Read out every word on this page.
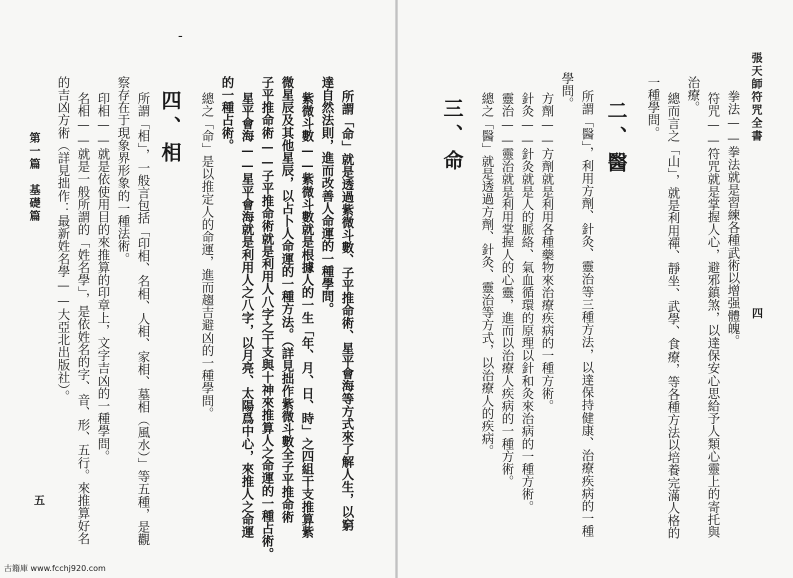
張天師符咒全書
四
拳法——拳法就是習練各種武術以增强體魄。
符咒——符咒就是掌握人心，避邪鎮煞，以達保安心思給予人類心靈上的寄托與
治療。
總而言之「山」，就是利用禪、靜坐、武學、食療，等各種方法以培養完滿人格的
一種學問。
二、醫
所謂「醫」，利用方劑、針灸、靈治等三種方法，以達保持健康、治療疾病的一種
學問。
方劑——方劑就是利用各種藥物來治療疾病的一種方術。
針灸——針灸就是人的脈絡、氣血循環的原理以針和灸來治病的一種方術。
靈治——靈治就是利用掌握人的心靈，進而以治療人疾病的一種方術。
總之「醫」就是透過方劑、針灸、靈治等方式，以治療人的疾病。
三、命
‐
所謂「命」就是透過紫微斗數、子平推命術、星平會海等方式來了解人生，以窮
達自然法則，進而改善人命運的一種學問。
紫微斗數——紫微斗數就是根據人的一生「年、月、日、時」之四組干支推算紫
微星辰及其他星辰，以占卜人命運的一種方法。（詳見拙作紫微斗數全子平推命術
子平推命術——子平推命術就是利用人八字之干支與十神來推算人之命運的一種占術。
星平會海——星平會海就是利用人之八字，以月亮、太陽爲中心，來推人之命運
的一種占術。
總之「命」是以推定人的命運，進而趨吉避凶的一種學問。
四、相
所謂「相」，一般言包括「印相、名相、人相、家相、墓相（風水）」等五種，是觀
察存在于現象界形象的一種法術。
印相——就是依使用目的來推算的印章上，文字吉凶的一種學問。
名相——就是一般所謂的「姓名學」，是依姓名的字、音、形、五行。來推算好名
的吉凶方術（詳見拙作：最新姓名學——大亞北出版社）。
第一篇　基礎篇
五
古籍庫 www.fcchj920.com
